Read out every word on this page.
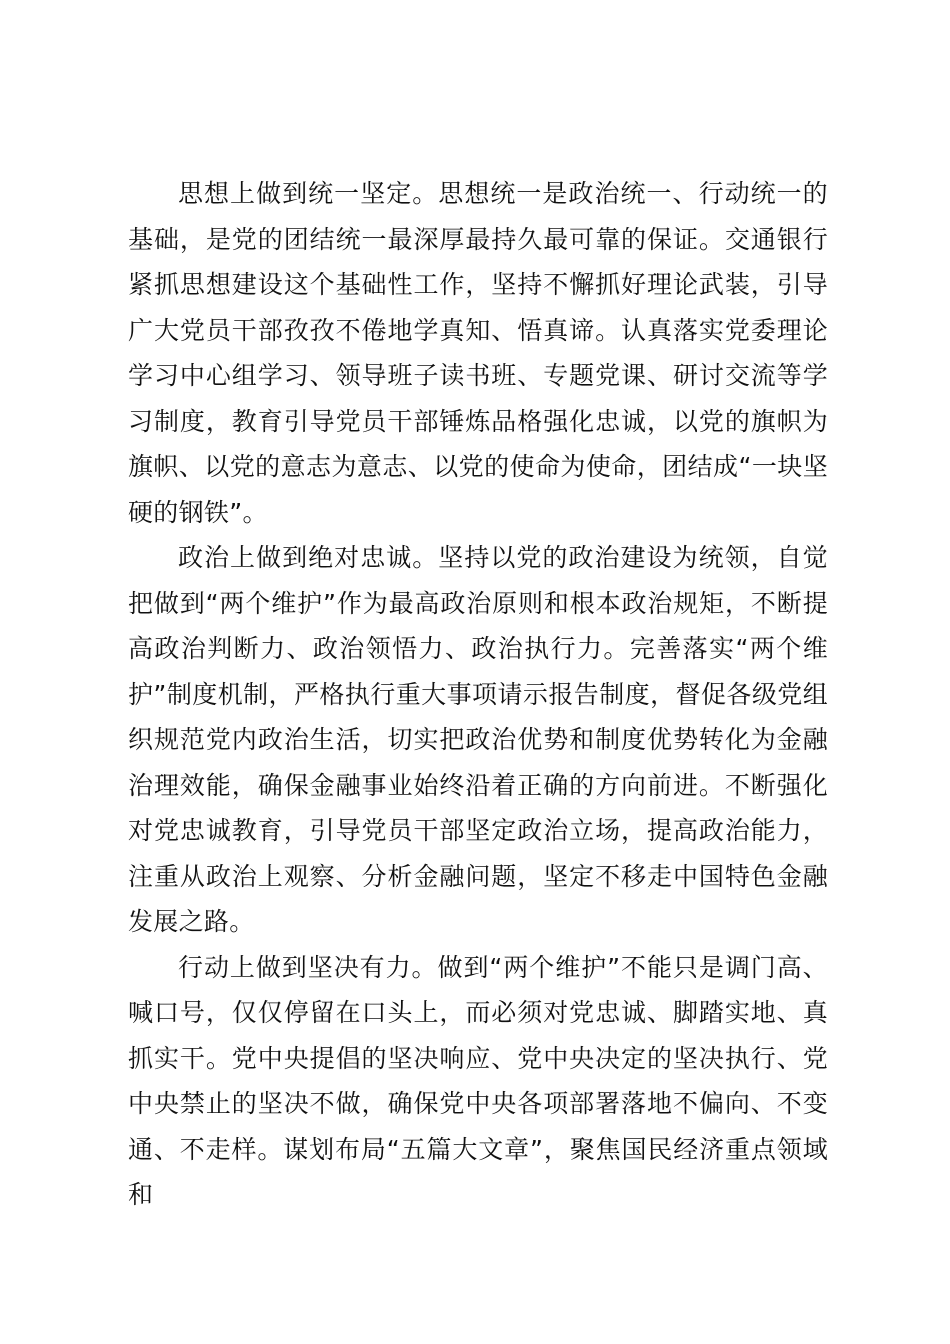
思想上做到统一坚定。思想统一是政治统一、行动统一的基础，是党的团结统一最深厚最持久最可靠的保证。交通银行紧抓思想建设这个基础性工作，坚持不懈抓好理论武装，引导广大党员干部孜孜不倦地学真知、悟真谛。认真落实党委理论学习中心组学习、领导班子读书班、专题党课、研讨交流等学习制度，教育引导党员干部锤炼品格强化忠诚，以党的旗帜为旗帜、以党的意志为意志、以党的使命为使命，团结成“一块坚硬的钢铁”。

政治上做到绝对忠诚。坚持以党的政治建设为统领，自觉把做到“两个维护”作为最高政治原则和根本政治规矩，不断提高政治判断力、政治领悟力、政治执行力。完善落实“两个维护”制度机制，严格执行重大事项请示报告制度，督促各级党组织规范党内政治生活，切实把政治优势和制度优势转化为金融治理效能，确保金融事业始终沿着正确的方向前进。不断强化对党忠诚教育，引导党员干部坚定政治立场，提高政治能力，注重从政治上观察、分析金融问题，坚定不移走中国特色金融发展之路。

行动上做到坚决有力。做到“两个维护”不能只是调门高、喊口号，仅仅停留在口头上，而必须对党忠诚、脚踏实地、真抓实干。党中央提倡的坚决响应、党中央决定的坚决执行、党中央禁止的坚决不做，确保党中央各项部署落地不偏向、不变通、不走样。谋划布局“五篇大文章”，聚焦国民经济重点领域和
